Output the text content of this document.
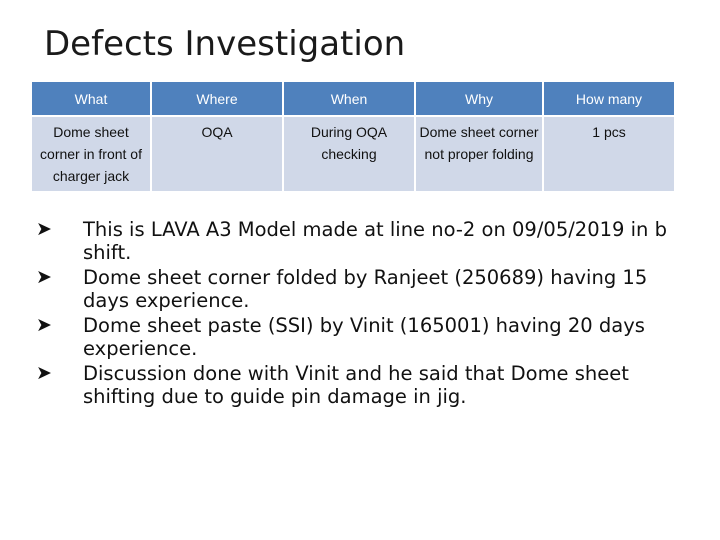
Defects Investigation
What	Where	When	Why	How many
Dome sheet corner in front of charger jack	OQA	During OQA checking	Dome sheet corner not proper folding	1 pcs
➤ This is LAVA A3 Model made at line no-2 on 09/05/2019 in b shift.
➤ Dome sheet corner folded by Ranjeet (250689) having 15 days experience.
➤ Dome sheet paste (SSI) by Vinit (165001) having 20 days experience.
➤ Discussion done with Vinit and he said that Dome sheet shifting due to guide pin damage in jig.
